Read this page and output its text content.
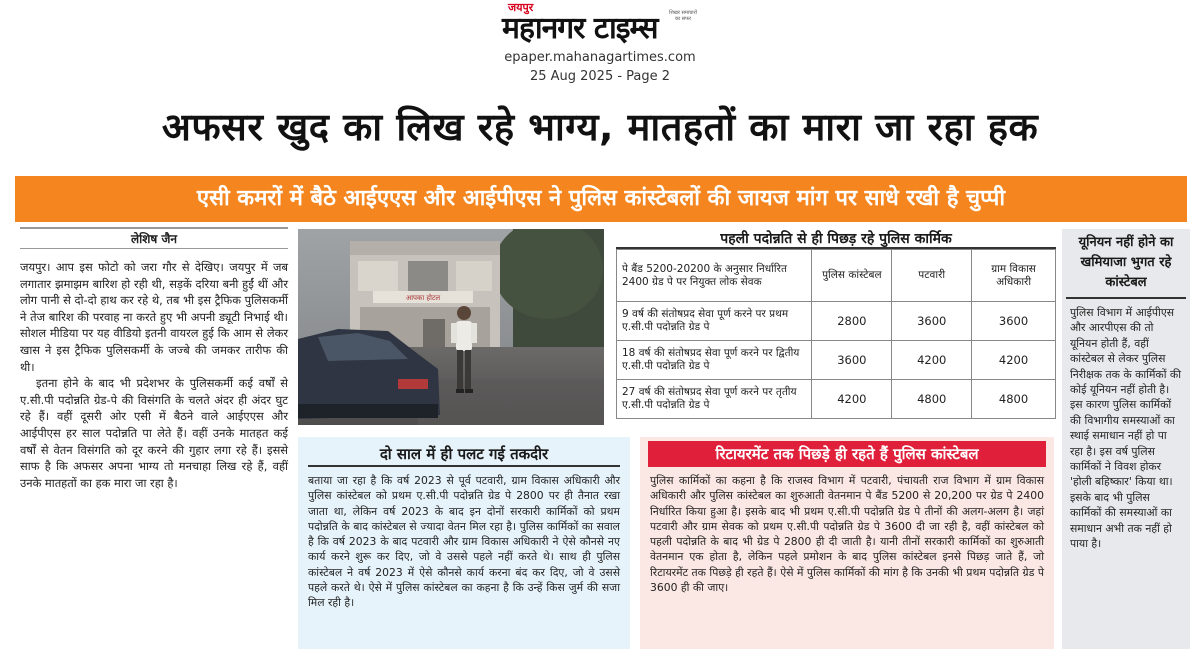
जयपुर
महानगर टाइम्स शिखर समाचारों का सफर
epaper.mahanagartimes.com
25 Aug 2025 - Page 2
अफसर खुद का लिख रहे भाग्य, मातहतों का मारा जा रहा हक
एसी कमरों में बैठे आईएएस और आईपीएस ने पुलिस कांस्टेबलों की जायज मांग पर साधे रखी है चुप्पी
लेशिष जैन

जयपुर। आप इस फोटो को जरा गौर से देखिए। जयपुर में जब लगातार झमाझम बारिश हो रही थी, सड़कें दरिया बनी हुईं थीं और लोग पानी से दो-दो हाथ कर रहे थे, तब भी इस ट्रैफिक पुलिसकर्मी ने तेज बारिश की परवाह ना करते हुए भी अपनी ड्यूटी निभाई थी। सोशल मीडिया पर यह वीडियो इतनी वायरल हुई कि आम से लेकर खास ने इस ट्रैफिक पुलिसकर्मी के जज्बे की जमकर तारीफ की थी।

इतना होने के बाद भी प्रदेशभर के पुलिसकर्मी कई वर्षों से ए.सी.पी पदोन्नति ग्रेड-पे की विसंगति के चलते अंदर ही अंदर घुट रहे हैं। वहीं दूसरी ओर एसी में बैठने वाले आईएएस और आईपीएस हर साल पदोन्नति पा लेते हैं। वहीं उनके मातहत कई वर्षों से वेतन विसंगति को दूर करने की गुहार लगा रहे हैं। इससे साफ है कि अफसर अपना भाग्य तो मनचाहा लिख रहे हैं, वहीं उनके मातहतों का हक मारा जा रहा है।

आपका होटल
पहली पदोन्नति से ही पिछड़ रहे पुलिस कार्मिक
पे बैंड 5200-20200 के अनुसार निर्धारित 2400 ग्रेड पे पर नियुक्त लोक सेवक	पुलिस कांस्टेबल	पटवारी	ग्राम विकास अधिकारी
9 वर्ष की संतोषप्रद सेवा पूर्ण करने पर प्रथम ए.सी.पी पदोन्नति ग्रेड पे	2800	3600	3600
18 वर्ष की संतोषप्रद सेवा पूर्ण करने पर द्वितीय ए.सी.पी पदोन्नति ग्रेड पे	3600	4200	4200
27 वर्ष की संतोषप्रद सेवा पूर्ण करने पर तृतीय ए.सी.पी पदोन्नति ग्रेड पे	4200	4800	4800
यूनियन नहीं होने का खमियाजा भुगत रहे कांस्टेबल
पुलिस विभाग में आईपीएस और आरपीएस की तो यूनियन होती हैं, वहीं कांस्टेबल से लेकर पुलिस निरीक्षक तक के कार्मिकों की कोई यूनियन नहीं होती है। इस कारण पुलिस कार्मिकों की विभागीय समस्याओं का स्थाई समाधान नहीं हो पा रहा है। इस वर्ष पुलिस कार्मिकों ने विवश होकर 'होली बहिष्कार' किया था। इसके बाद भी पुलिस कार्मिकों की समस्याओं का समाधान अभी तक नहीं हो पाया है।
दो साल में ही पलट गई तकदीर
बताया जा रहा है कि वर्ष 2023 से पूर्व पटवारी, ग्राम विकास अधिकारी और पुलिस कांस्टेबल को प्रथम ए.सी.पी पदोन्नति ग्रेड पे 2800 पर ही तैनात रखा जाता था, लेकिन वर्ष 2023 के बाद इन दोनों सरकारी कार्मिकों को प्रथम पदोन्नति के बाद कांस्टेबल से ज्यादा वेतन मिल रहा है। पुलिस कार्मिकों का सवाल है कि वर्ष 2023 के बाद पटवारी और ग्राम विकास अधिकारी ने ऐसे कौनसे नए कार्य करने शुरू कर दिए, जो वे उससे पहले नहीं करते थे। साथ ही पुलिस कांस्टेबल ने वर्ष 2023 में ऐसे कौनसे कार्य करना बंद कर दिए, जो वे उससे पहले करते थे। ऐसे में पुलिस कांस्टेबल का कहना है कि उन्हें किस जुर्म की सजा मिल रही है।
रिटायरमेंट तक पिछड़े ही रहते हैं पुलिस कांस्टेबल
पुलिस कार्मिकों का कहना है कि राजस्व विभाग में पटवारी, पंचायती राज विभाग में ग्राम विकास अधिकारी और पुलिस कांस्टेबल का शुरुआती वेतनमान पे बैंड 5200 से 20,200 पर ग्रेड पे 2400 निर्धारित किया हुआ है। इसके बाद भी प्रथम ए.सी.पी पदोन्नति ग्रेड पे तीनों की अलग-अलग है। जहां पटवारी और ग्राम सेवक को प्रथम ए.सी.पी पदोन्नति ग्रेड पे 3600 दी जा रही है, वहीं कांस्टेबल को पहली पदोन्नति के बाद भी ग्रेड पे 2800 ही दी जाती है। यानी तीनों सरकारी कार्मिकों का शुरुआती वेतनमान एक होता है, लेकिन पहले प्रमोशन के बाद पुलिस कांस्टेबल इनसे पिछड़ जाते हैं, जो रिटायरमेंट तक पिछड़े ही रहते हैं। ऐसे में पुलिस कार्मिकों की मांग है कि उनकी भी प्रथम पदोन्नति ग्रेड पे 3600 ही की जाए।
